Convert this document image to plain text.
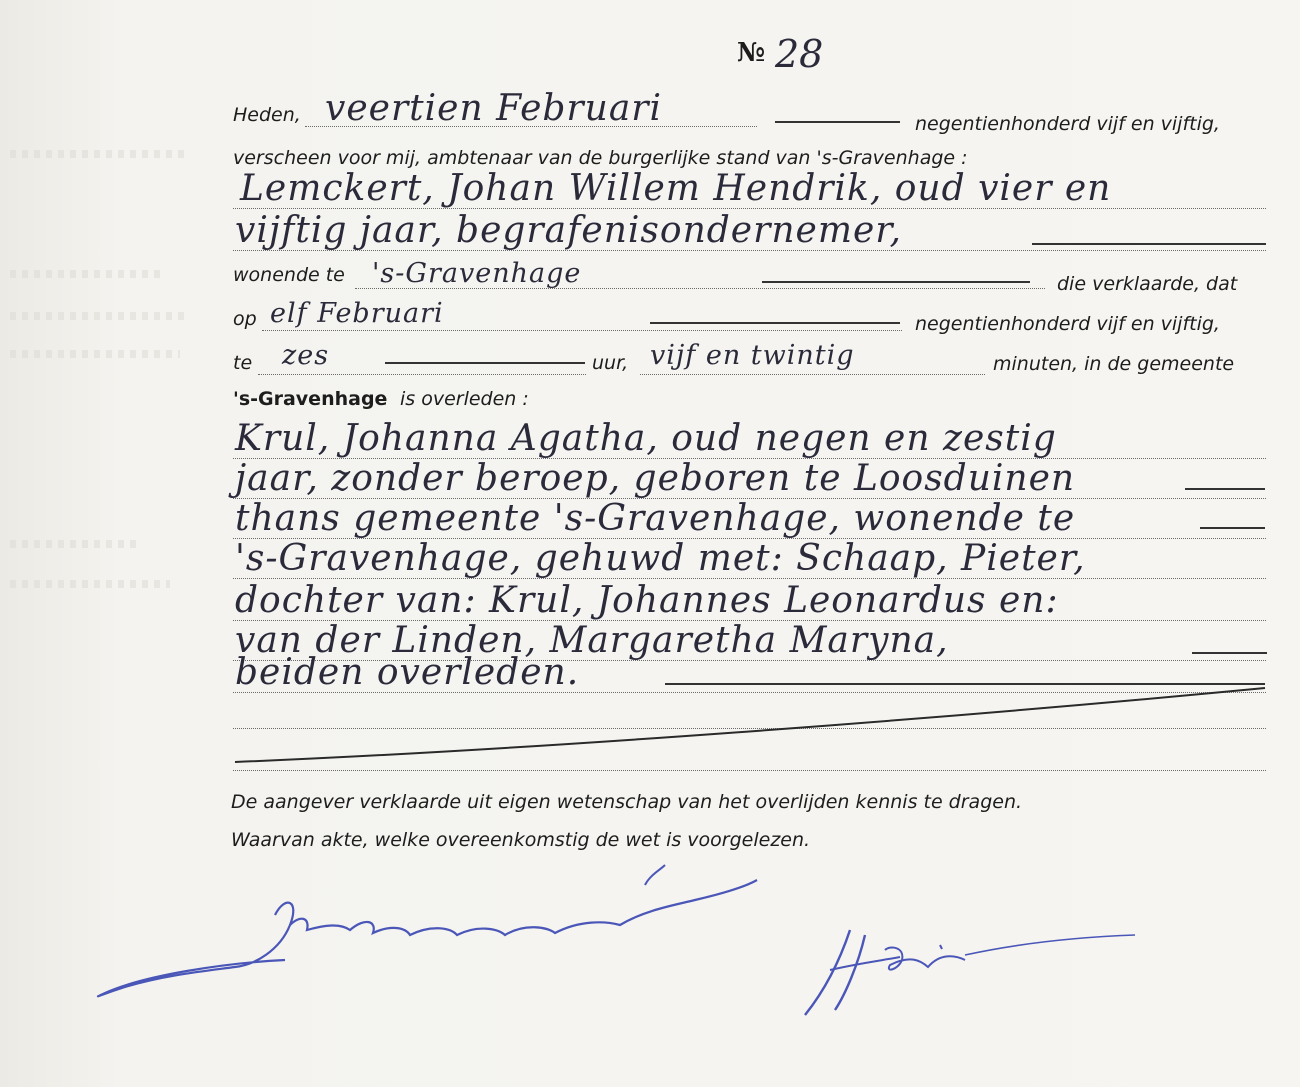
№ 28
Heden, veertien Februari	negentienhonderd vijf en vijftig,
verscheen voor mij, ambtenaar van de burgerlijke stand van 's-Gravenhage :
Lemckert, Johan Willem Hendrik, oud vier en
vijftig jaar, begrafenisondernemer,
wonende te 's-Gravenhage	die verklaarde, dat
op elf Februari	negentienhonderd vijf en vijftig,
te zes	uur, vijf en twintig	minuten, in de gemeente
's-Gravenhage is overleden :
Krul, Johanna Agatha, oud negen en zestig
jaar, zonder beroep, geboren te Loosduinen
thans gemeente 's-Gravenhage, wonende te
's-Gravenhage, gehuwd met: Schaap, Pieter,
dochter van: Krul, Johannes Leonardus en:
van der Linden, Margaretha Maryna,
beiden overleden.
De aangever verklaarde uit eigen wetenschap van het overlijden kennis te dragen.
Waarvan akte, welke overeenkomstig de wet is voorgelezen.
